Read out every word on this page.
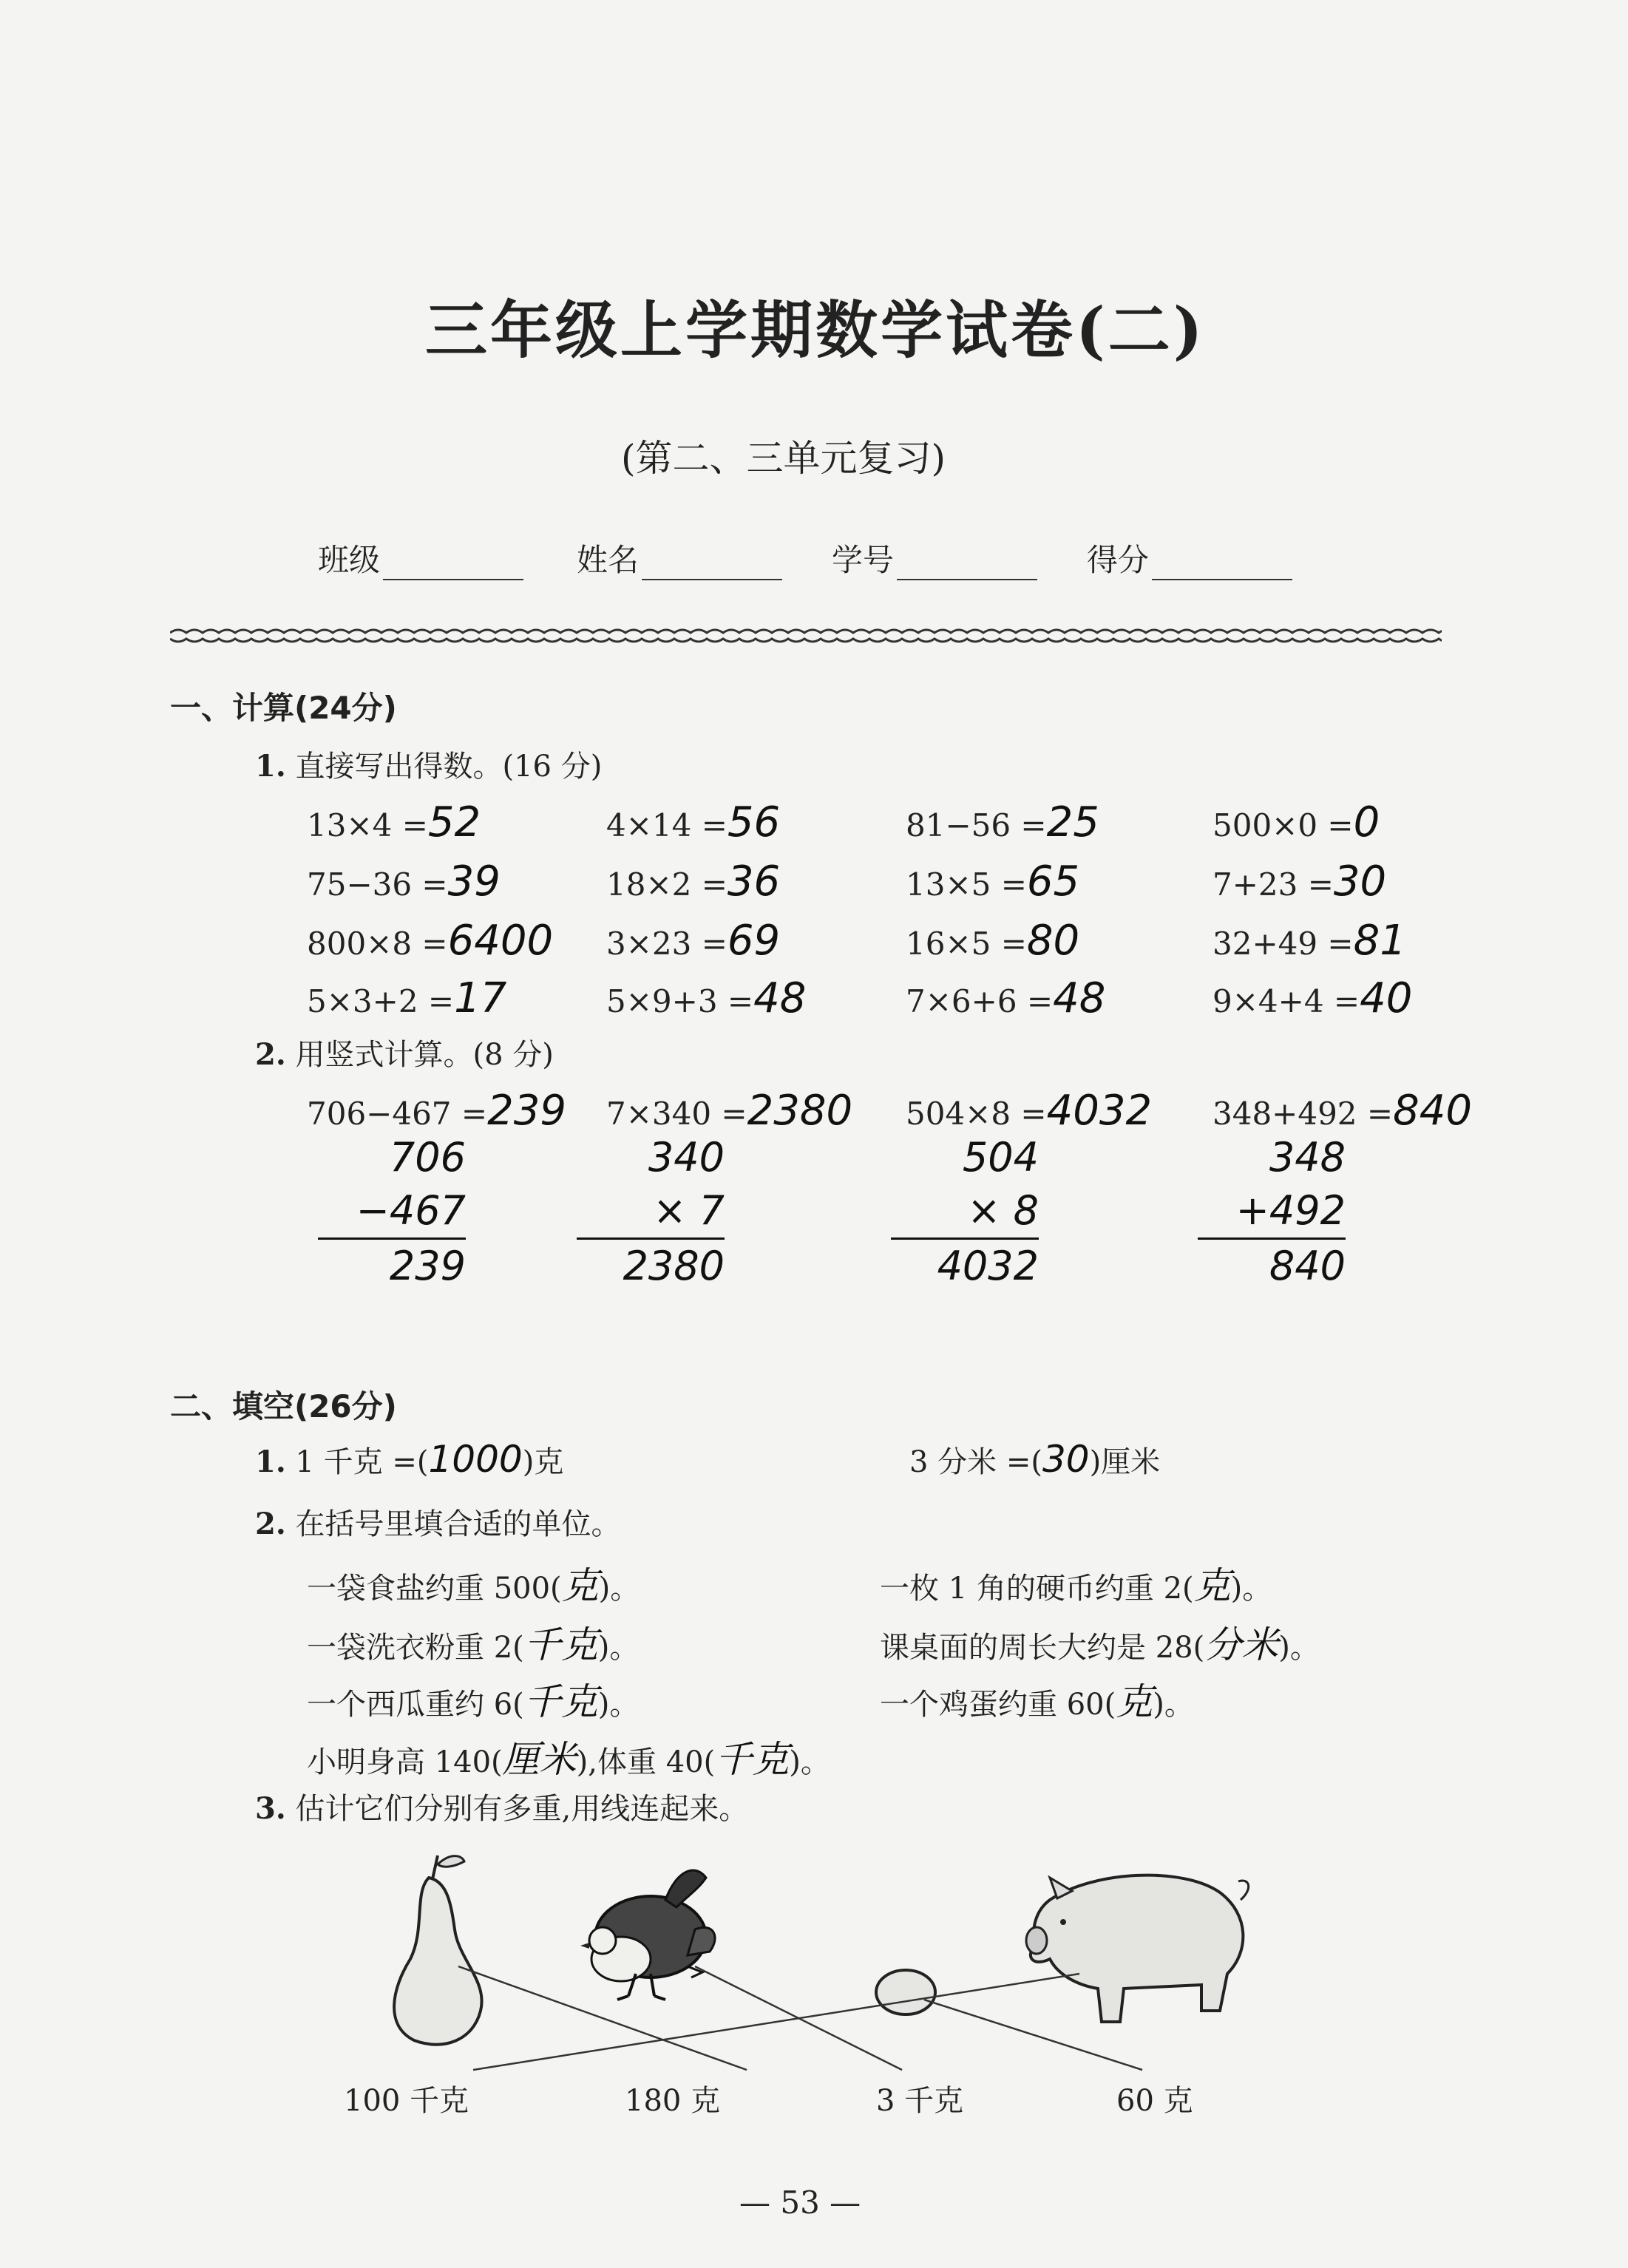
三年级上学期数学试卷(二)
(第二、三单元复习)
班级	姓名	学号	得分
一、计算(24分)
1. 直接写出得数。(16 分)
13×4 =52	4×14 =56	81−56 =25	500×0 =0
75−36 =39	18×2 =36	13×5 =65	7+23 =30
800×8 =6400 3×23 =69	16×5 =80	32+49 =81
5×3+2 =17	5×9+3 =48	7×6+6 =48	9×4+4 =40
2. 用竖式计算。(8 分)
706−467 =239
706
−467
239
7×340 =2380
340
× 7
2380
504×8 =4032
504
× 8
4032
348+492 =840
348
+492
840
二、填空(26分)
1. 1 千克 =(1000)克	3 分米 =(30)厘米
2. 在括号里填合适的单位。
一袋食盐约重 500(克)。	一枚 1 角的硬币约重 2(克)。
一袋洗衣粉重 2(千克)。	课桌面的周长大约是 28(分米)。
一个西瓜重约 6(千克)。	一个鸡蛋约重 60(克)。
小明身高 140(厘米),体重 40(千克)。
3. 估计它们分别有多重,用线连起来。
100 千克	180 克	3 千克	60 克
— 53 —
